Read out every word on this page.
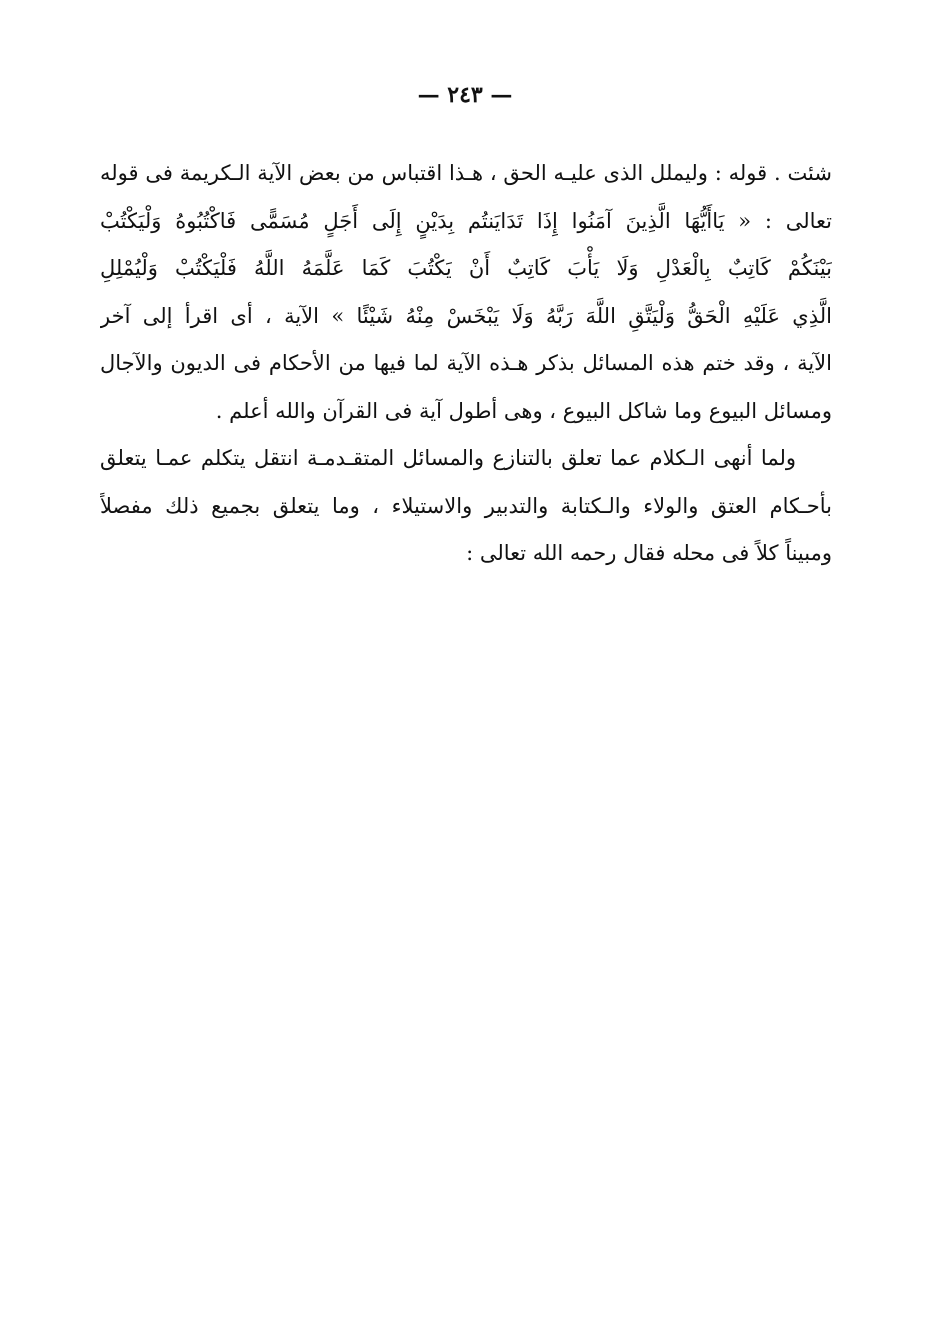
— ٢٤٣ —
شئت . قوله : وليملل الذى عليـه الحق ، هـذا اقتباس من بعض الآية الـكريمة فى قوله
تعالى : « يَاأَيُّهَا الَّذِينَ آمَنُوا إِذَا تَدَايَنتُم بِدَيْنٍ إِلَى أَجَلٍ مُسَمًّى فَاكْتُبُوهُ وَلْيَكْتُبْ
بَيْنَكُمْ كَاتِبٌ بِالْعَدْلِ وَلَا يَأْبَ كَاتِبٌ أَنْ يَكْتُبَ كَمَا عَلَّمَهُ اللَّهُ فَلْيَكْتُبْ وَلْيُمْلِلِ
الَّذِي عَلَيْهِ الْحَقُّ وَلْيَتَّقِ اللَّهَ رَبَّهُ وَلَا يَبْخَسْ مِنْهُ شَيْئًا » الآية ، أى اقرأ إلى آخر
الآية ، وقد ختم هذه المسائل بذكر هـذه الآية لما فيها من الأحكام فى الديون والآجال
ومسائل البيوع وما شاكل البيوع ، وهى أطول آية فى القرآن والله أعلم .
ولما أنهى الـكلام عما تعلق بالتنازع والمسائل المتقـدمـة انتقل يتكلم عمـا يتعلق
بأحـكام العتق والولاء والـكتابة والتدبير والاستيلاء ، وما يتعلق بجميع ذلك مفصلاً
ومبيناً كلاً فى محله فقال رحمه الله تعالى :
